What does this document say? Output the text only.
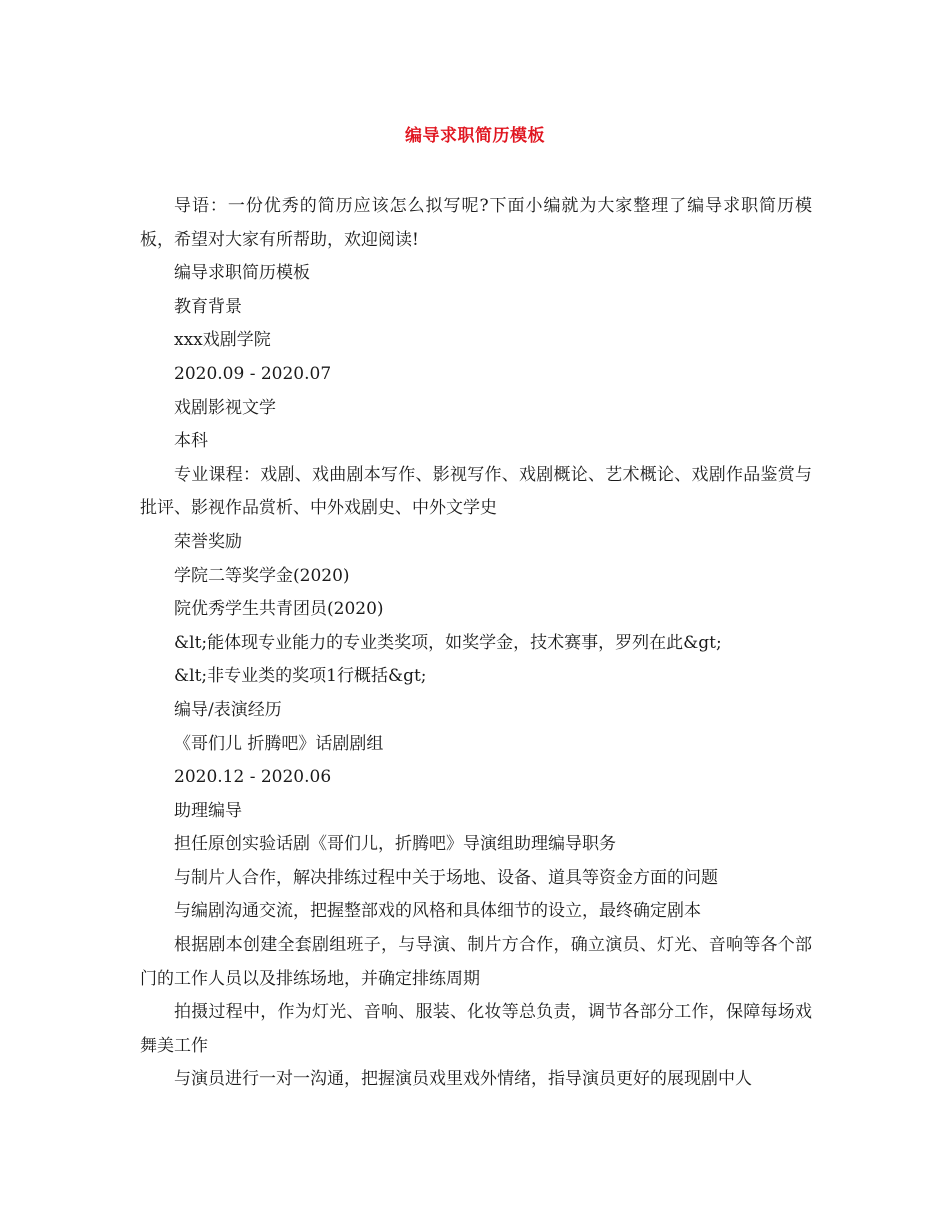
编导求职简历模板

导语：一份优秀的简历应该怎么拟写呢?下面小编就为大家整理了编导求职简历模板，希望对大家有所帮助，欢迎阅读!

编导求职简历模板

教育背景

xxx戏剧学院

2020.09 - 2020.07

戏剧影视文学

本科

专业课程：戏剧、戏曲剧本写作、影视写作、戏剧概论、艺术概论、戏剧作品鉴赏与批评、影视作品赏析、中外戏剧史、中外文学史

荣誉奖励

学院二等奖学金(2020)

院优秀学生共青团员(2020)

&lt;能体现专业能力的专业类奖项，如奖学金，技术赛事，罗列在此&gt;

&lt;非专业类的奖项1行概括&gt;

编导/表演经历

《哥们儿 折腾吧》话剧剧组

2020.12 - 2020.06

助理编导

担任原创实验话剧《哥们儿，折腾吧》导演组助理编导职务

与制片人合作，解决排练过程中关于场地、设备、道具等资金方面的问题

与编剧沟通交流，把握整部戏的风格和具体细节的设立，最终确定剧本

根据剧本创建全套剧组班子，与导演、制片方合作，确立演员、灯光、音响等各个部门的工作人员以及排练场地，并确定排练周期

拍摄过程中，作为灯光、音响、服装、化妆等总负责，调节各部分工作，保障每场戏舞美工作

与演员进行一对一沟通，把握演员戏里戏外情绪，指导演员更好的展现剧中人
